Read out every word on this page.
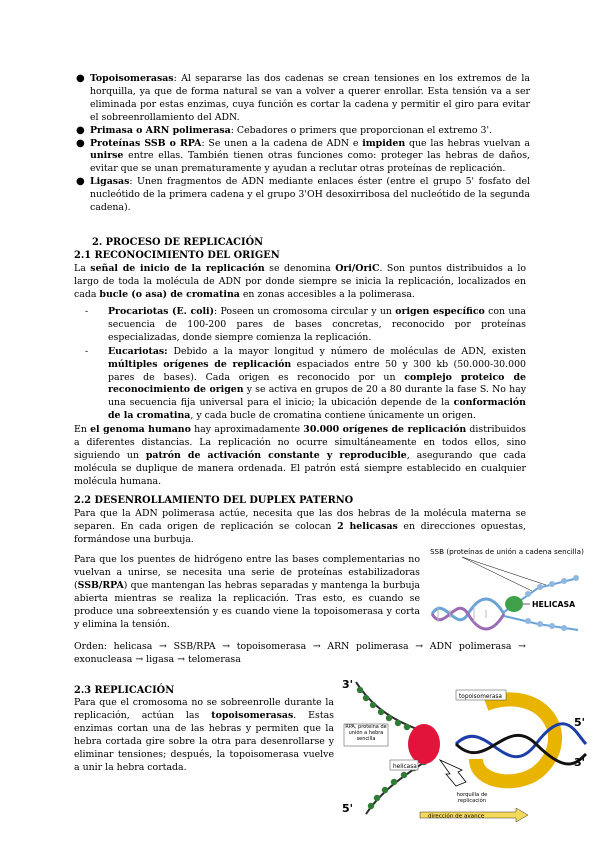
● Topoisomerasas: Al separarse las dos cadenas se crean tensiones en los extremos de la horquilla, ya que de forma natural se van a volver a querer enrollar. Esta tensión va a ser eliminada por estas enzimas, cuya función es cortar la cadena y permitir el giro para evitar el sobreenrollamiento del ADN.
● Primasa o ARN polimerasa: Cebadores o primers que proporcionan el extremo 3'.
● Proteínas SSB o RPA: Se unen a la cadena de ADN e impiden que las hebras vuelvan a unirse entre ellas. También tienen otras funciones como: proteger las hebras de daños, evitar que se unan prematuramente y ayudan a reclutar otras proteínas de replicación.
● Ligasas: Unen fragmentos de ADN mediante enlaces éster (entre el grupo 5' fosfato del nucleótido de la primera cadena y el grupo 3'OH desoxirribosa del nucleótido de la segunda cadena).
2. PROCESO DE REPLICACIÓN
2.1 RECONOCIMIENTO DEL ORIGEN

La señal de inicio de la replicación se denomina Ori/OriC. Son puntos distribuidos a lo largo de toda la molécula de ADN por donde siempre se inicia la replicación, localizados en cada bucle (o asa) de cromatina en zonas accesibles a la polimerasa.

- Procariotas (E. coli): Poseen un cromosoma circular y un origen específico con una secuencia de 100-200 pares de bases concretas, reconocido por proteínas especializadas, donde siempre comienza la replicación.
- Eucariotas: Debido a la mayor longitud y número de moléculas de ADN, existen múltiples orígenes de replicación espaciados entre 50 y 300 kb (50.000-30.000 pares de bases). Cada origen es reconocido por un complejo proteico de reconocimiento de origen y se activa en grupos de 20 a 80 durante la fase S. No hay una secuencia fija universal para el inicio; la ubicación depende de la conformación de la cromatina, y cada bucle de cromatina contiene únicamente un origen.

En el genoma humano hay aproximadamente 30.000 orígenes de replicación distribuidos a diferentes distancias. La replicación no ocurre simultáneamente en todos ellos, sino siguiendo un patrón de activación constante y reproducible, asegurando que cada molécula se duplique de manera ordenada. El patrón está siempre establecido en cualquier molécula humana.

2.2 DESENROLLAMIENTO DEL DUPLEX PATERNO

Para que la ADN polimerasa actúe, necesita que las dos hebras de la molécula materna se separen. En cada origen de replicación se colocan 2 helicasas en direcciones opuestas, formándose una burbuja.

Para que los puentes de hidrógeno entre las bases complementarias no vuelvan a unirse, se necesita una serie de proteínas estabilizadoras (SSB/RPA) que mantengan las hebras separadas y mantenga la burbuja abierta mientras se realiza la replicación. Tras esto, es cuando se produce una sobreextensión y es cuando viene la topoisomerasa y corta y elimina la tensión.

Orden: helicasa → SSB/RPA → topoisomerasa → ARN polimerasa → ADN polimerasa → exonucleasa → ligasa → telomerasa

SSB (proteínas de unión a cadena sencilla)
HELICASA
2.3 REPLICACIÓN

Para que el cromosoma no se sobreenrolle durante la replicación, actúan las topoisomerasas. Estas enzimas cortan una de las hebras y permiten que la hebra cortada gire sobre la otra para desenrollarse y eliminar tensiones; después, la topoisomerasa vuelve a unir la hebra cortada.

3'
5'
3'
5'
topoisomerasa
RPA, proteína de unión a hebra sencilla
helicasa
horquilla de replicación
dirección de avance
